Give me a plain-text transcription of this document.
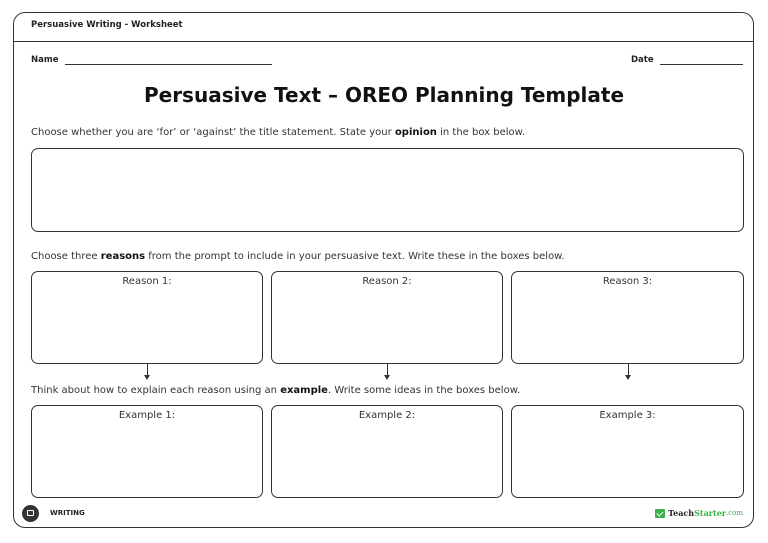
Persuasive Writing - Worksheet
Name	Date
Persuasive Text – OREO Planning Template
Choose whether you are ‘for’ or ‘against’ the title statement. State your opinion in the box below.
Choose three reasons from the prompt to include in your persuasive text. Write these in the boxes below.
Reason 1:	Reason 2:	Reason 3:
Think about how to explain each reason using an example. Write some ideas in the boxes below.
Example 1:	Example 2:	Example 3:
WRITING	Teach Starter .com
